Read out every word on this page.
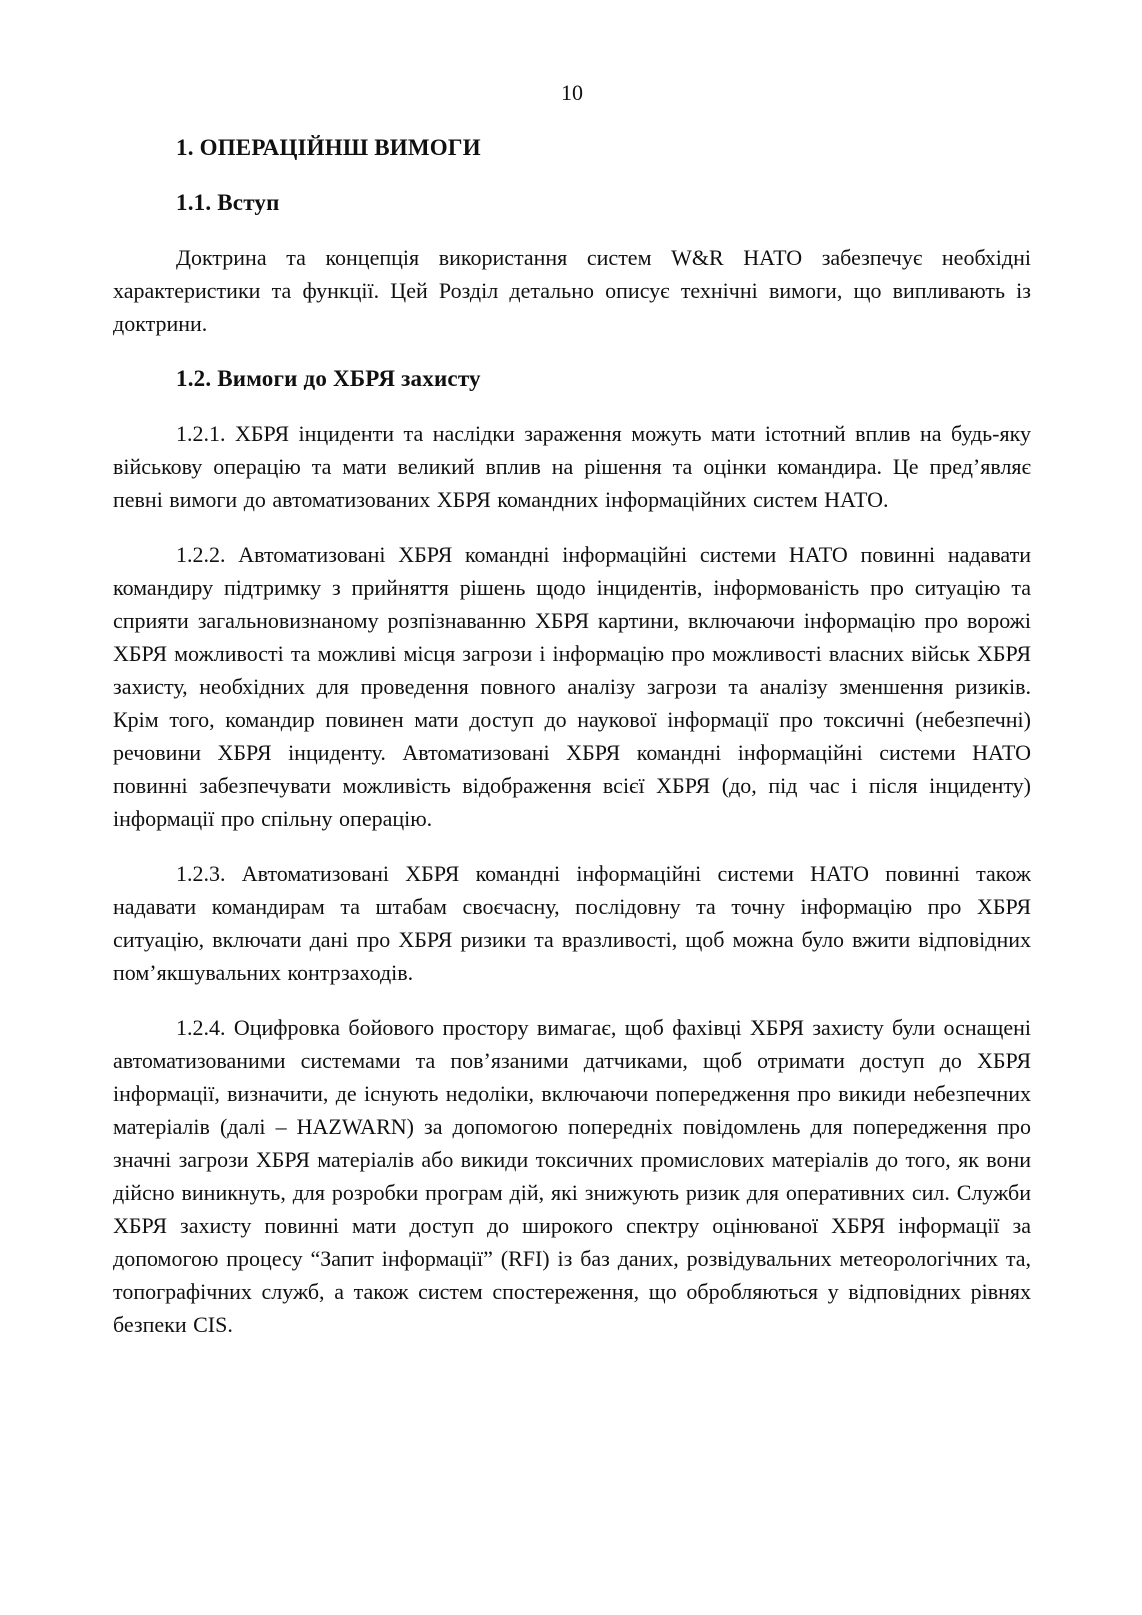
10
1. ОПЕРАЦІЙНШ ВИМОГИ
1.1. Вступ

Доктрина та концепція використання систем W&R НАТО забезпечує необхідні характеристики та функції. Цей Розділ детально описує технічні вимоги, що випливають із доктрини.

1.2. Вимоги до ХБРЯ захисту

1.2.1. ХБРЯ інциденти та наслідки зараження можуть мати істотний вплив на будь-яку військову операцію та мати великий вплив на рішення та оцінки командира. Це пред’являє певні вимоги до автоматизованих ХБРЯ командних інформаційних систем НАТО.

1.2.2. Автоматизовані ХБРЯ командні інформаційні системи НАТО повинні надавати командиру підтримку з прийняття рішень щодо інцидентів, інформованість про ситуацію та сприяти загальновизнаному розпізнаванню ХБРЯ картини, включаючи інформацію про ворожі ХБРЯ можливості та можливі місця загрози і інформацію про можливості власних військ ХБРЯ захисту, необхідних для проведення повного аналізу загрози та аналізу зменшення ризиків. Крім того, командир повинен мати доступ до наукової інформації про токсичні (небезпечні) речовини ХБРЯ інциденту. Автоматизовані ХБРЯ командні інформаційні системи НАТО повинні забезпечувати можливість відображення всієї ХБРЯ (до, під час і після інциденту) інформації про спільну операцію.

1.2.3. Автоматизовані ХБРЯ командні інформаційні системи НАТО повинні також надавати командирам та штабам своєчасну, послідовну та точну інформацію про ХБРЯ ситуацію, включати дані про ХБРЯ ризики та вразливості, щоб можна було вжити відповідних пом’якшувальних контрзаходів.

1.2.4. Оцифровка бойового простору вимагає, щоб фахівці ХБРЯ захисту були оснащені автоматизованими системами та пов’язаними датчиками, щоб отримати доступ до ХБРЯ інформації, визначити, де існують недоліки, включаючи попередження про викиди небезпечних матеріалів (далі – HAZWARN) за допомогою попередніх повідомлень для попередження про значні загрози ХБРЯ матеріалів або викиди токсичних промислових матеріалів до того, як вони дійсно виникнуть, для розробки програм дій, які знижують ризик для оперативних сил. Служби ХБРЯ захисту повинні мати доступ до широкого спектру оцінюваної ХБРЯ інформації за допомогою процесу “Запит інформації” (RFI) із баз даних, розвідувальних метеорологічних та, топографічних служб, а також систем спостереження, що обробляються у відповідних рівнях безпеки CIS.
